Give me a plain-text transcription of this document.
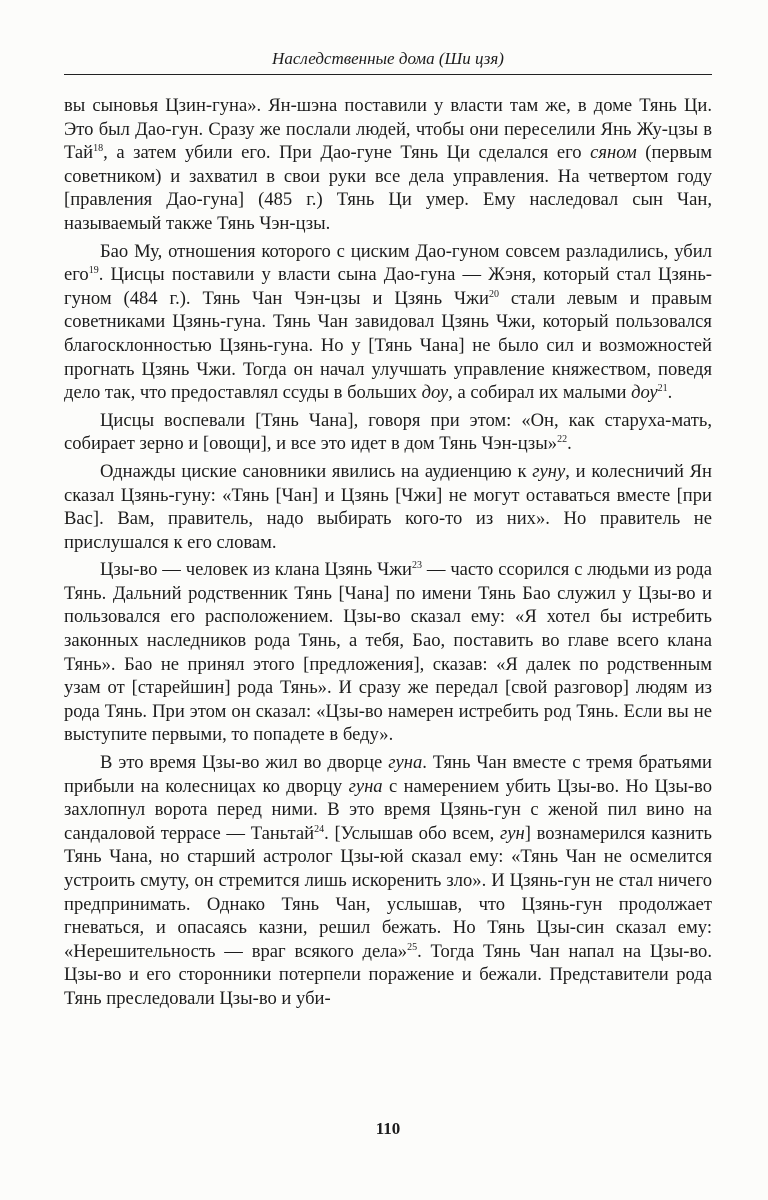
Наследственные дома (Ши цзя)

вы сыновья Цзин-гуна». Ян-шэна поставили у власти там же, в доме Тянь Ци. Это был Дао-гун. Сразу же послали людей, чтобы они переселили Янь Жу-цзы в Тай$^{18}$, а затем убили его. При Дао-гуне Тянь Ци сделался его сяном (первым советником) и захватил в свои руки все дела управления. На четвертом году [правления Дао-гуна] (485 г.) Тянь Ци умер. Ему наследовал сын Чан, называемый также Тянь Чэн-цзы.

Бао Му, отношения которого с циским Дао-гуном совсем разладились, убил его$^{19}$. Цисцы поставили у власти сына Дао-гуна — Жэня, который стал Цзянь-гуном (484 г.). Тянь Чан Чэн-цзы и Цзянь Чжи$^{20}$ стали левым и правым советниками Цзянь-гуна. Тянь Чан завидовал Цзянь Чжи, который пользовался благосклонностью Цзянь-гуна. Но у [Тянь Чана] не было сил и возможностей прогнать Цзянь Чжи. Тогда он начал улучшать управление княжеством, поведя дело так, что предоставлял ссуды в больших доу, а собирал их малыми доу$^{21}$.

Цисцы воспевали [Тянь Чана], говоря при этом: «Он, как старуха-мать, собирает зерно и [овощи], и все это идет в дом Тянь Чэн-цзы»$^{22}$.

Однажды циские сановники явились на аудиенцию к гуну, и колесничий Ян сказал Цзянь-гуну: «Тянь [Чан] и Цзянь [Чжи] не могут оставаться вместе [при Вас]. Вам, правитель, надо выбирать кого-то из них». Но правитель не прислушался к его словам.

Цзы-во — человек из клана Цзянь Чжи$^{23}$ — часто ссорился с людьми из рода Тянь. Дальний родственник Тянь [Чана] по имени Тянь Бао служил у Цзы-во и пользовался его расположением. Цзы-во сказал ему: «Я хотел бы истребить законных наследников рода Тянь, а тебя, Бао, поставить во главе всего клана Тянь». Бао не принял этого [предложения], сказав: «Я далек по родственным узам от [старейшин] рода Тянь». И сразу же передал [свой разговор] людям из рода Тянь. При этом он сказал: «Цзы-во намерен истребить род Тянь. Если вы не выступите первыми, то попадете в беду».

В это время Цзы-во жил во дворце гуна. Тянь Чан вместе с тремя братьями прибыли на колесницах ко дворцу гуна с намерением убить Цзы-во. Но Цзы-во захлопнул ворота перед ними. В это время Цзянь-гун с женой пил вино на сандаловой террасе — Таньтай$^{24}$. [Услышав обо всем, гун] вознамерился казнить Тянь Чана, но старший астролог Цзы-юй сказал ему: «Тянь Чан не осмелится устроить смуту, он стремится лишь искоренить зло». И Цзянь-гун не стал ничего предпринимать. Однако Тянь Чан, услышав, что Цзянь-гун продолжает гневаться, и опасаясь казни, решил бежать. Но Тянь Цзы-син сказал ему: «Нерешительность — враг всякого дела»$^{25}$. Тогда Тянь Чан напал на Цзы-во. Цзы-во и его сторонники потерпели поражение и бежали. Представители рода Тянь преследовали Цзы-во и уби-

110
